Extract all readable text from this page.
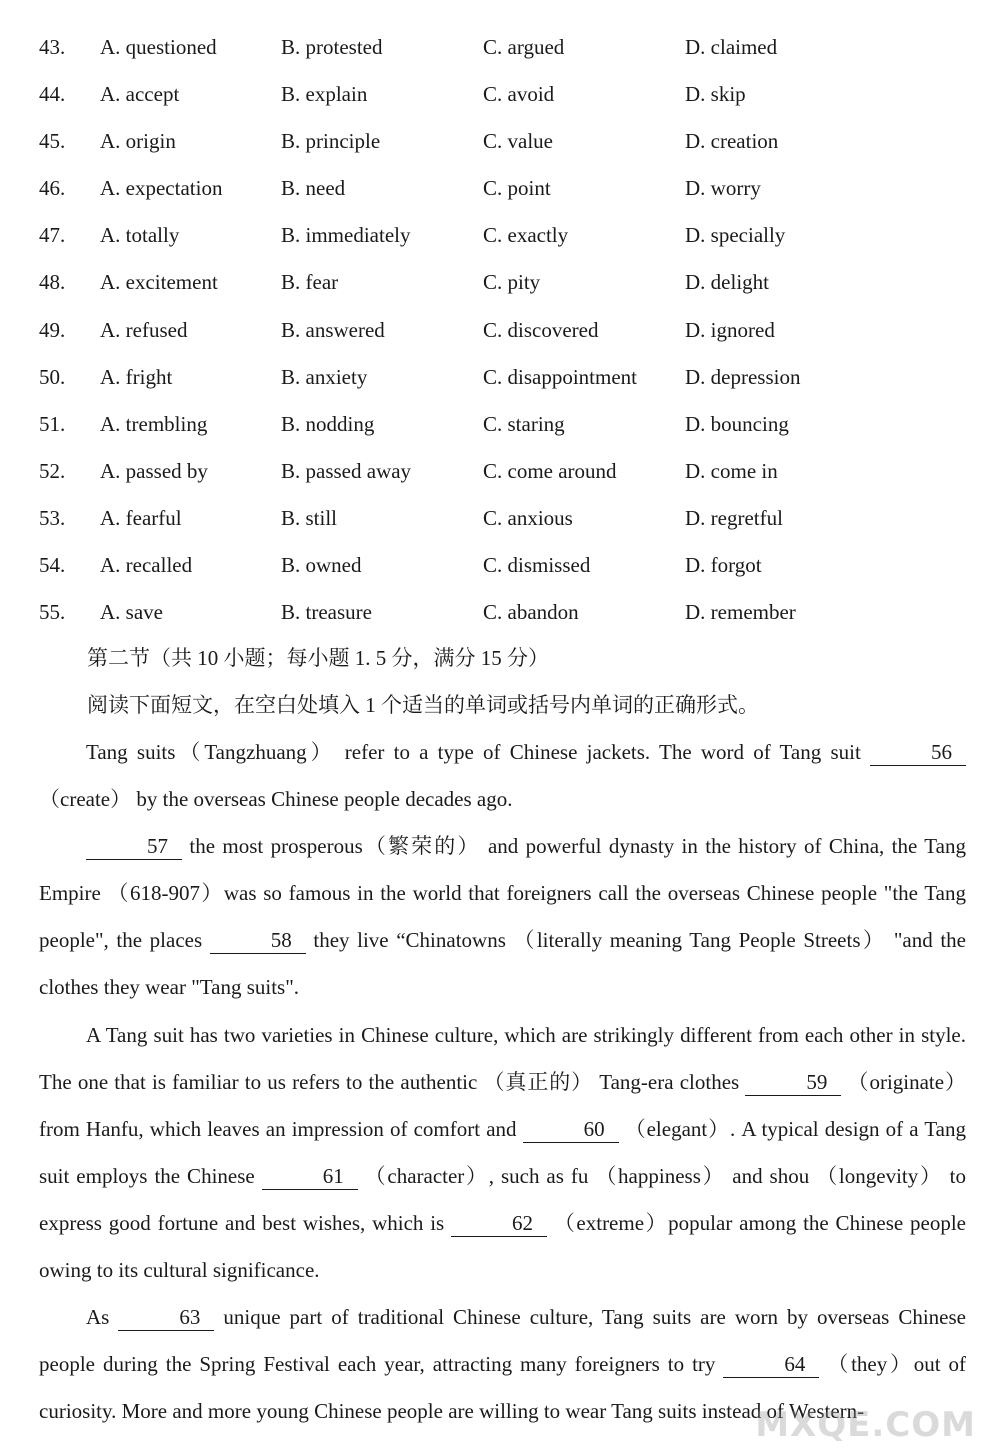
43. A. questioned	B. protested	C. argued	D. claimed
44. A. accept	B. explain	C. avoid	D. skip
45. A. origin	B. principle	C. value	D. creation
46. A. expectation	B. need	C. point	D. worry
47. A. totally	B. immediately	C. exactly	D. specially
48. A. excitement	B. fear	C. pity	D. delight
49. A. refused	B. answered	C. discovered	D. ignored
50. A. fright	B. anxiety	C. disappointment D. depression
51. A. trembling	B. nodding	C. staring	D. bouncing
52. A. passed by	B. passed away	C. come around	D. come in
53. A. fearful	B. still	C. anxious	D. regretful
54. A. recalled	B. owned	C. dismissed	D. forgot
55. A. save	B. treasure	C. abandon	D. remember
第二节（共 10 小题；每小题 1. 5 分，满分 15 分）
阅读下面短文，在空白处填入 1 个适当的单词或括号内单词的正确形式。

Tang suits（Tangzhuang） refer to a type of Chinese jackets. The word of Tang suit	56 （create） by the overseas Chinese people decades ago.

57 the most prosperous（繁荣的） and powerful dynasty in the history of China, the Tang Empire （618-907）was so famous in the world that foreigners call the overseas Chinese people "the Tang people", the places	58 they live “Chinatowns （literally meaning Tang People Streets） "and the clothes they wear "Tang suits".

A Tang suit has two varieties in Chinese culture, which are strikingly different from each other in style. The one that is familiar to us refers to the authentic （真正的） Tang-era clothes	59 （originate）from Hanfu, which leaves an impression of comfort and	60 （elegant）. A typical design of a Tang suit employs the Chinese	61 （character）, such as fu （happiness） and shou （longevity） to express good fortune and best wishes, which is	62 （extreme）popular among the Chinese people owing to its cultural significance.

As	63 unique part of traditional Chinese culture, Tang suits are worn by overseas Chinese people during the Spring Festival each year, attracting many foreigners to try	64 （they）out of curiosity. More and more young Chinese people are willing to wear Tang suits instead of Western-

MXQE.COM
